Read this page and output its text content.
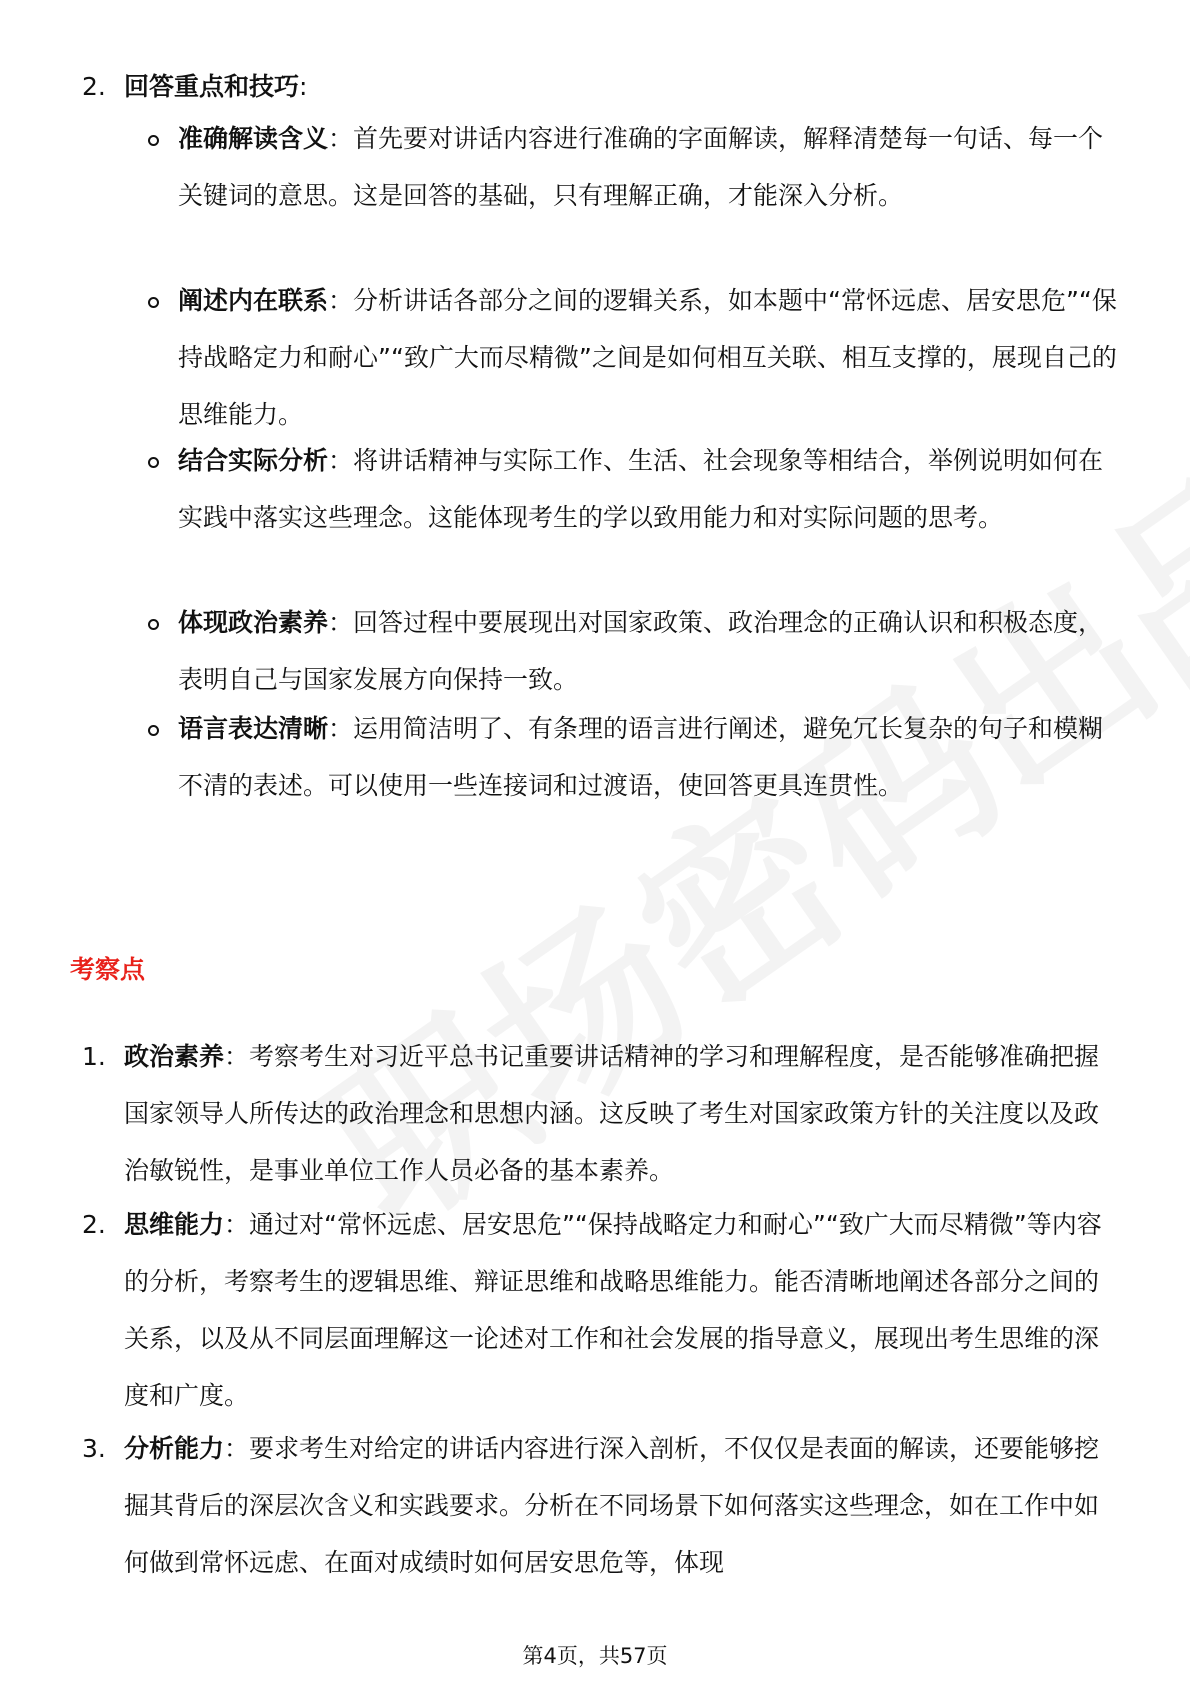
2. 回答重点和技巧:
准确解读含义：首先要对讲话内容进行准确的字面解读，解释清楚每一句话、每一个关键词的意思。这是回答的基础，只有理解正确，才能深入分析。
阐述内在联系：分析讲话各部分之间的逻辑关系，如本题中“常怀远虑、居安思危”“保持战略定力和耐心”“致广大而尽精微”之间是如何相互关联、相互支撑的，展现自己的思维能力。
结合实际分析：将讲话精神与实际工作、生活、社会现象等相结合，举例说明如何在实践中落实这些理念。这能体现考生的学以致用能力和对实际问题的思考。
体现政治素养：回答过程中要展现出对国家政策、政治理念的正确认识和积极态度，表明自己与国家发展方向保持一致。
语言表达清晰：运用简洁明了、有条理的语言进行阐述，避免冗长复杂的句子和模糊不清的表述。可以使用一些连接词和过渡语，使回答更具连贯性。
考察点
1. 政治素养：考察考生对习近平总书记重要讲话精神的学习和理解程度，是否能够准确把握国家领导人所传达的政治理念和思想内涵。这反映了考生对国家政策方针的关注度以及政治敏锐性，是事业单位工作人员必备的基本素养。
2. 思维能力：通过对“常怀远虑、居安思危”“保持战略定力和耐心”“致广大而尽精微”等内容的分析，考察考生的逻辑思维、辩证思维和战略思维能力。能否清晰地阐述各部分之间的关系，以及从不同层面理解这一论述对工作和社会发展的指导意义，展现出考生思维的深度和广度。
3. 分析能力：要求考生对给定的讲话内容进行深入剖析，不仅仅是表面的解读，还要能够挖掘其背后的深层次含义和实践要求。分析在不同场景下如何落实这些理念，如在工作中如何做到常怀远虑、在面对成绩时如何居安思危等，体现
第4页，共57页
